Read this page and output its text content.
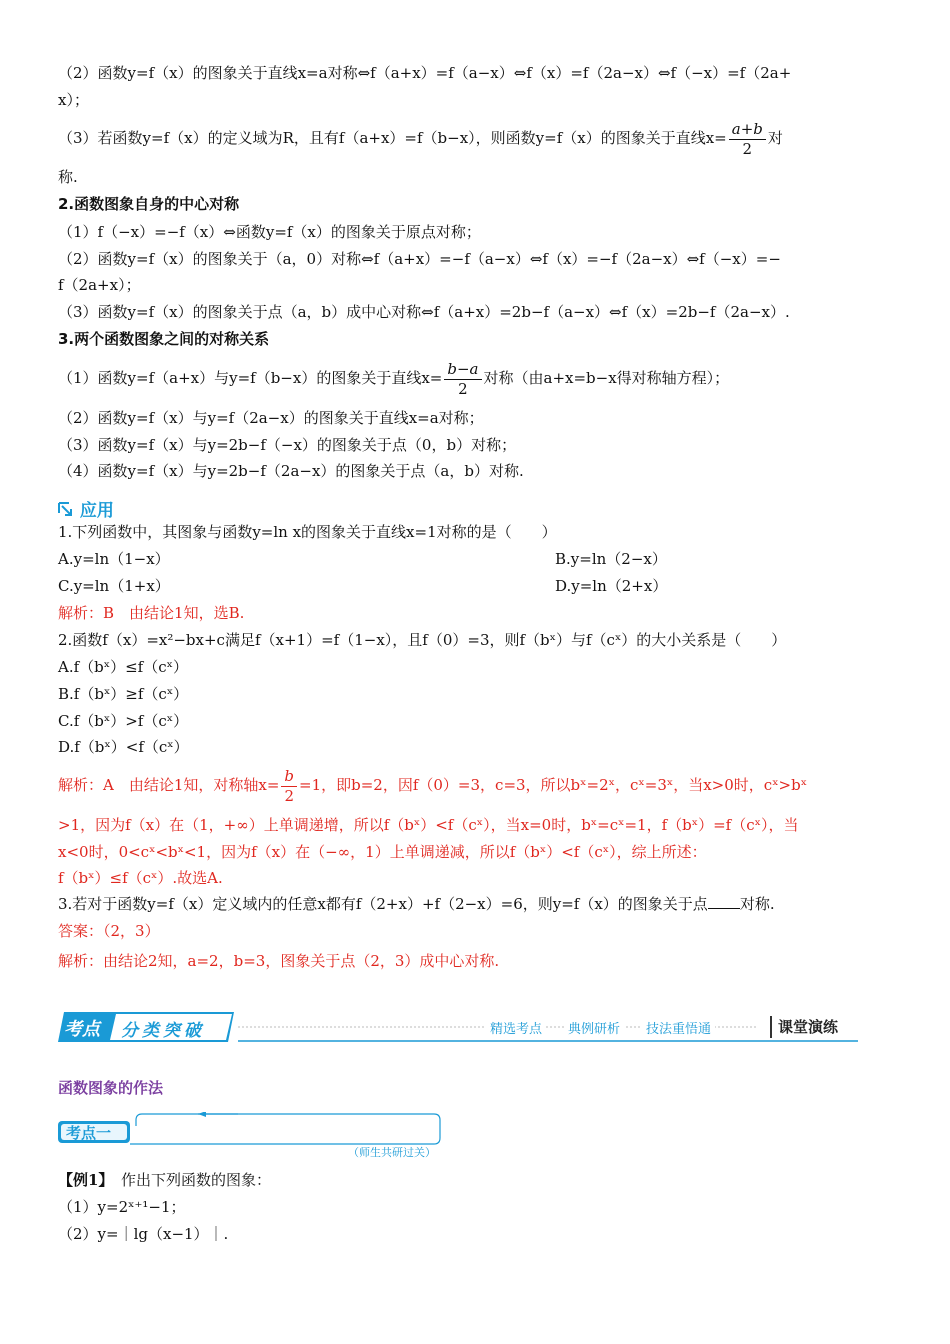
（2）函数y=f（x）的图象关于直线x=a对称⇔f（a+x）=f（a−x）⇔f（x）=f（2a−x）⇔f（−x）=f（2a+
x）；
（3）若函数y=f（x）的定义域为R，且有f（a+x）=f（b−x），则函数y=f（x）的图象关于直线$x= \frac{a+b}{2}$ 对
称.
2.函数图象自身的中心对称
（1）f（−x）=−f（x）⇔函数y=f（x）的图象关于原点对称；
（2）函数y=f（x）的图象关于（a，0）对称⇔f（a+x）=−f（a−x）⇔f（x）=−f（2a−x）⇔f（−x）=−
f（2a+x）；
（3）函数y=f（x）的图象关于点（a，b）成中心对称⇔f（a+x）=2b−f（a−x）⇔f（x）=2b−f（2a−x）.
3.两个函数图象之间的对称关系
（1）函数y=f（a+x）与y=f（b−x）的图象关于直线$x= \frac{b-a}{2}$ 对称（由a+x=b−x得对称轴方程）；
（2）函数y=f（x）与y=f（2a−x）的图象关于直线x=a对称；
（3）函数y=f（x）与y=2b−f（−x）的图象关于点（0，b）对称；
（4）函数y=f（x）与y=2b−f（2a−x）的图象关于点（a，b）对称.
应用
1.下列函数中，其图象与函数y=ln x的图象关于直线x=1对称的是（　　）
A.y=ln（1−x）	B.y=ln（2−x）
C.y=ln（1+x）	D.y=ln（2+x）
解析：B　由结论1知，选B.
2.函数f（x）=x²−bx+c满足f（x+1）=f（1−x），且f（0）=3，则f（bˣ）与f（cˣ）的大小关系是（　　）
A.f（bˣ）≤f（cˣ）
B.f（bˣ）≥f（cˣ）
C.f（bˣ）>f（cˣ）
D.f（bˣ）<f（cˣ）
解析：A　由结论1知，对称轴$x= \frac{b}{2} =1$，即b=2，因f（0）=3，c=3，所以bˣ=2ˣ，cˣ=3ˣ，当x>0时，cˣ>bˣ
>1，因为f（x）在（1，+∞）上单调递增，所以f（bˣ）<f（cˣ），当x=0时，bˣ=cˣ=1，f（bˣ）=f（cˣ），当
x<0时，0<cˣ<bˣ<1，因为f（x）在（−∞，1）上单调递减，所以f（bˣ）<f（cˣ），综上所述：
f（bˣ）≤f（cˣ）.故选A.
3.若对于函数y=f（x）定义域内的任意x都有f（2+x）+f（2−x）=6，则y=f（x）的图象关于点 对称.
答案：（2，3）
解析：由结论2知，a=2，b=3，图象关于点（2，3）成中心对称.
考点 分类突破	精选考点	典例研析	技法重悟通	课堂演练
函数图象的作法
考点一
（师生共研过关）
【例1】　 作出下列函数的图象：
（1）y=2ˣ⁺¹−1；
（2）y=｜lg（x−1）｜.
